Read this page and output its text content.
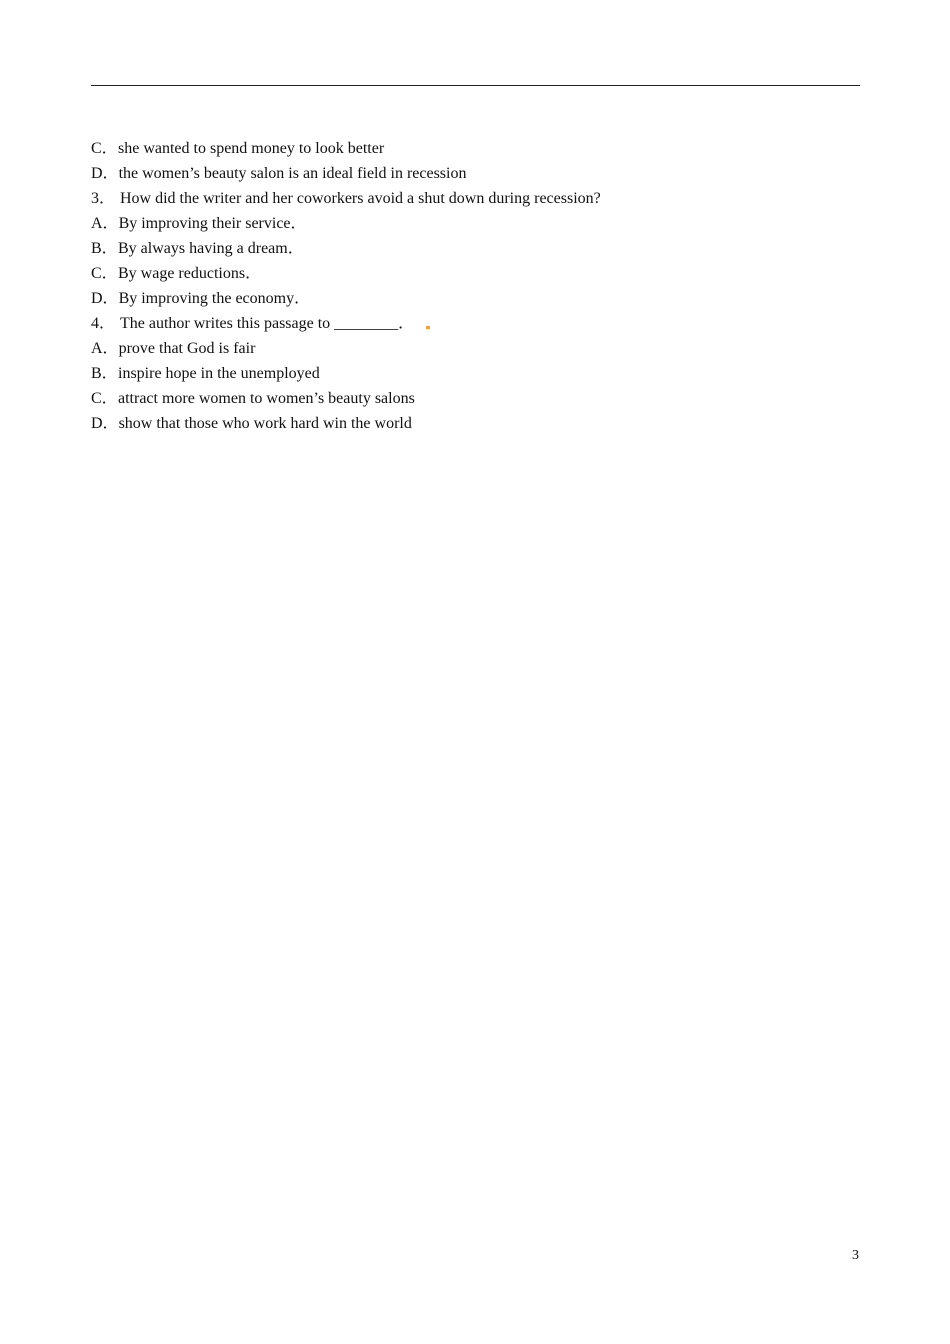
C．she wanted to spend money to look better
D．the women’s beauty salon is an ideal field in recession
3． How did the writer and her coworkers avoid a shut down during recession?
A．By improving their service．
B．By always having a dream．
C．By wage reductions．
D．By improving the economy．
4． The author writes this passage to ________．
A．prove that God is fair
B．inspire hope in the unemployed
C．attract more women to women’s beauty salons
D．show that those who work hard win the world
3
